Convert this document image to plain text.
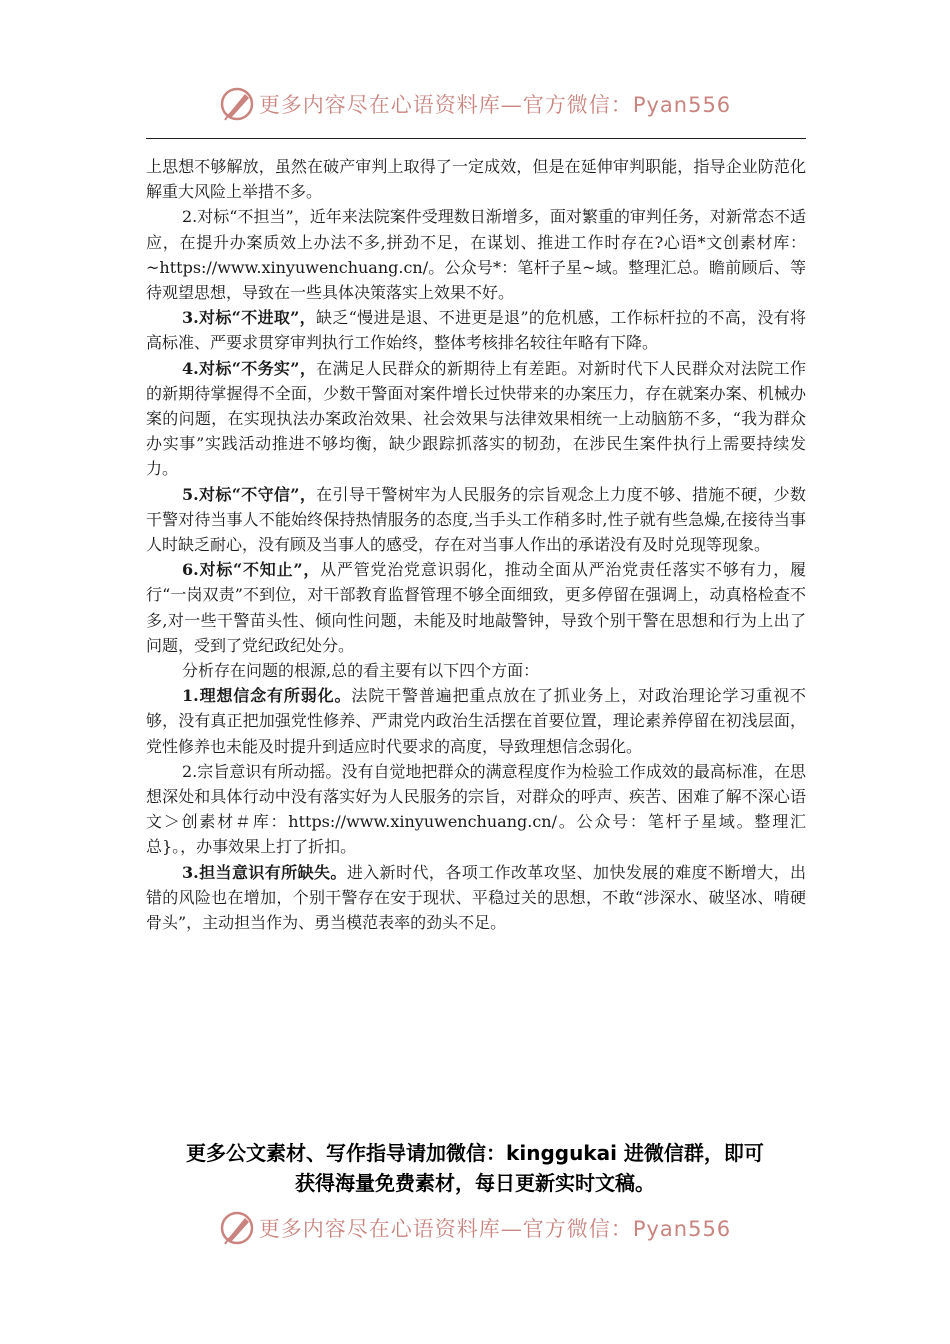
更多内容尽在心语资料库—官方微信：Pyan556

上思想不够解放，虽然在破产审判上取得了一定成效，但是在延伸审判职能，指导企业防范化解重大风险上举措不多。

2.对标“不担当”，近年来法院案件受理数日渐增多，面对繁重的审判任务，对新常态不适应，在提升办案质效上办法不多,拼劲不足，在谋划、推进工作时存在?心语*文创素材库：~https://www.xinyuwenchuang.cn/。公众号*：笔杆子星~域。整理汇总。瞻前顾后、等待观望思想，导致在一些具体决策落实上效果不好。

3.对标“不进取”，缺乏“慢进是退、不进更是退”的危机感，工作标杆拉的不高，没有将高标准、严要求贯穿审判执行工作始终，整体考核排名较往年略有下降。

4.对标“不务实”，在满足人民群众的新期待上有差距。对新时代下人民群众对法院工作的新期待掌握得不全面，少数干警面对案件增长过快带来的办案压力，存在就案办案、机械办案的问题，在实现执法办案政治效果、社会效果与法律效果相统一上动脑筋不多，“我为群众办实事”实践活动推进不够均衡，缺少跟踪抓落实的韧劲，在涉民生案件执行上需要持续发力。

5.对标“不守信”，在引导干警树牢为人民服务的宗旨观念上力度不够、措施不硬，少数干警对待当事人不能始终保持热情服务的态度,当手头工作稍多时,性子就有些急燥,在接待当事人时缺乏耐心，没有顾及当事人的感受，存在对当事人作出的承诺没有及时兑现等现象。

6.对标“不知止”，从严管党治党意识弱化，推动全面从严治党责任落实不够有力，履行“一岗双责”不到位，对干部教育监督管理不够全面细致，更多停留在强调上，动真格检查不多,对一些干警苗头性、倾向性问题，未能及时地敲警钟，导致个别干警在思想和行为上出了问题，受到了党纪政纪处分。

分析存在问题的根源,总的看主要有以下四个方面：

1.理想信念有所弱化。法院干警普遍把重点放在了抓业务上，对政治理论学习重视不够，没有真正把加强党性修养、严肃党内政治生活摆在首要位置，理论素养停留在初浅层面，党性修养也未能及时提升到适应时代要求的高度，导致理想信念弱化。

2.宗旨意识有所动摇。没有自觉地把群众的满意程度作为检验工作成效的最高标准，在思想深处和具体行动中没有落实好为人民服务的宗旨，对群众的呼声、疾苦、困难了解不深心语文＞创素材＃库：https://www.xinyuwenchuang.cn/。公众号：笔杆子星域。整理汇总}。，办事效果上打了折扣。

3.担当意识有所缺失。进入新时代，各项工作改革攻坚、加快发展的难度不断增大，出错的风险也在增加，个别干警存在安于现状、平稳过关的思想，不敢“涉深水、破坚冰、啃硬骨头”，主动担当作为、勇当模范表率的劲头不足。

更多公文素材、写作指导请加微信：kinggukai 进微信群，即可
获得海量免费素材，每日更新实时文稿。
更多内容尽在心语资料库—官方微信：Pyan556
